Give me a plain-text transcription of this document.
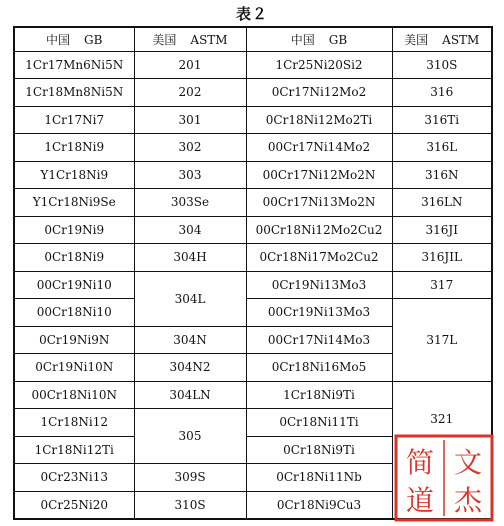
表２
中国 GB	美国 ASTM	中国 GB	美国 ASTM
1Cr17Mn6Ni5N	201	1Cr25Ni20Si2	310S
1Cr18Mn8Ni5N	202	0Cr17Ni12Mo2	316
1Cr17Ni7	301	0Cr18Ni12Mo2Ti	316Ti
1Cr18Ni9	302	00Cr17Ni14Mo2	316L
Y1Cr18Ni9	303	00Cr17Ni12Mo2N	316N
Y1Cr18Ni9Se	303Se	00Cr17Ni13Mo2N	316LN
0Cr19Ni9	304	00Cr18Ni12Mo2Cu2	316JI
0Cr18Ni9	304H	0Cr18Ni17Mo2Cu2	316JIL
00Cr19Ni10	304L	0Cr19Ni13Mo3	317
00Cr18Ni10		00Cr19Ni13Mo3	317L
0Cr19Ni9N	304N	00Cr17Ni14Mo3	
0Cr19Ni10N	304N2	0Cr18Ni16Mo5	
00Cr18Ni10N	304LN	1Cr18Ni9Ti	321
1Cr18Ni12	305	0Cr18Ni11Ti	
1Cr18Ni12Ti		0Cr18Ni9Ti	
0Cr23Ni13	309S	0Cr18Ni11Nb	
0Cr25Ni20	310S	0Cr18Ni9Cu3	
简 文
道 杰
